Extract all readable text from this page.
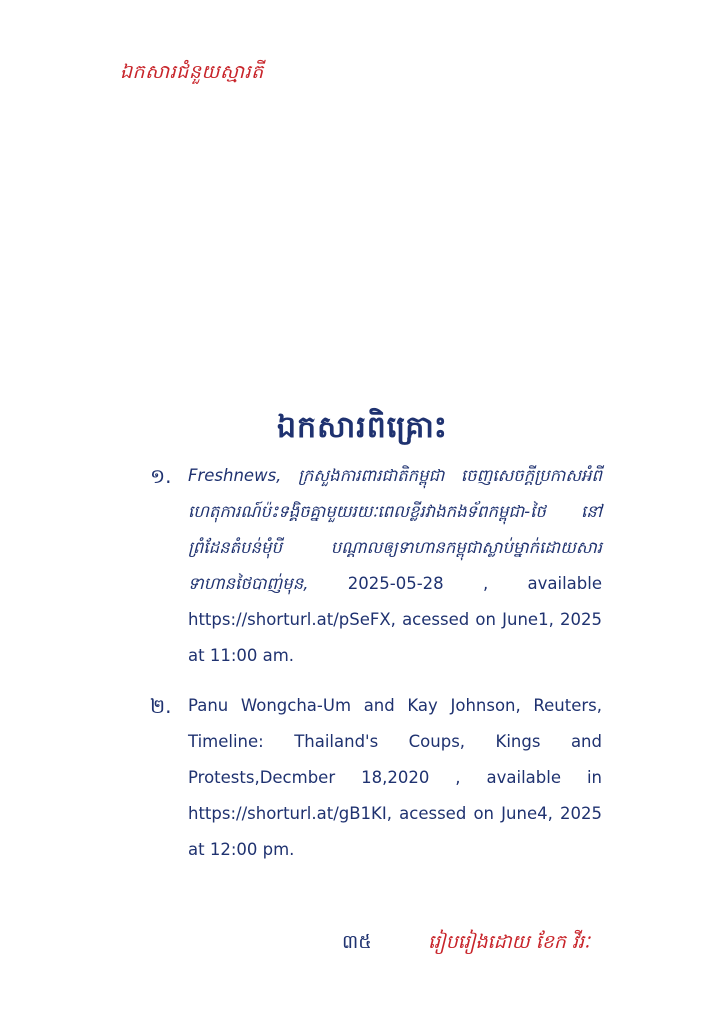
ឯកសារជំនួយស្មារតី
ឯកសារពិគ្រោះ
១. Freshnews, ក្រសួងការពារជាតិកម្ពុជា ចេញសេចក្ដីប្រកាសអំពីហេតុការណ៍ប៉ះទង្គិចគ្នាមួយរយៈពេលខ្លីរវាងកងទ័ពកម្ពុជា-ថៃ នៅព្រំដែនតំបន់មុំបី បណ្ដាលឲ្យទាហានកម្ពុជាស្លាប់ម្នាក់ដោយសារទាហានថៃបាញ់មុន, 2025-05-28 , available https://shorturl.at/pSeFX, acessed on June1, 2025 at 11:00 am.
២. Panu Wongcha-Um and Kay Johnson, Reuters, Timeline: Thailand's Coups, Kings and Protests,Decmber 18,2020 , available in https://shorturl.at/gB1KI, acessed on June4, 2025 at 12:00 pm.
៣៥	រៀបរៀងដោយ ខែក វីរៈ
